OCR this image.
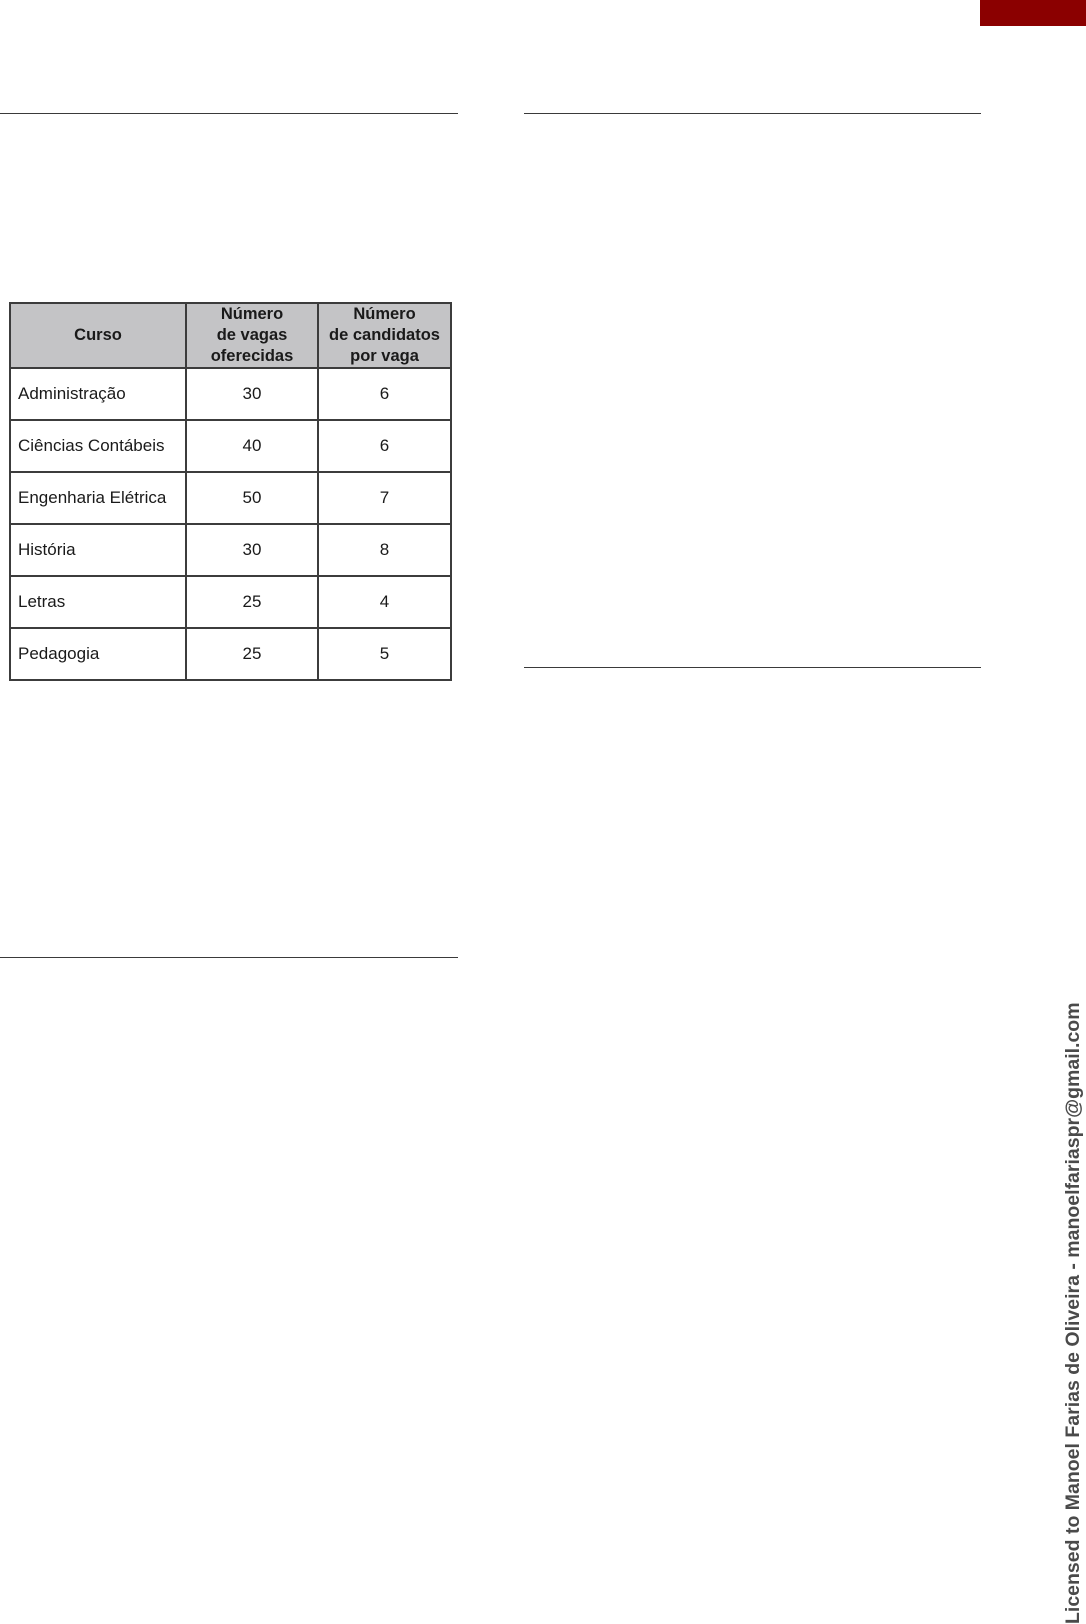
Curso	Número
de vagas
oferecidas	Número
de candidatos
por vaga

Administração	30	6
Ciências Contábeis	40	6
Engenharia Elétrica	50	7
História	30	8
Letras	25	4
Pedagogia	25	5
Licensed to Manoel Farias de Oliveira - manoelfariaspr@gmail.com
